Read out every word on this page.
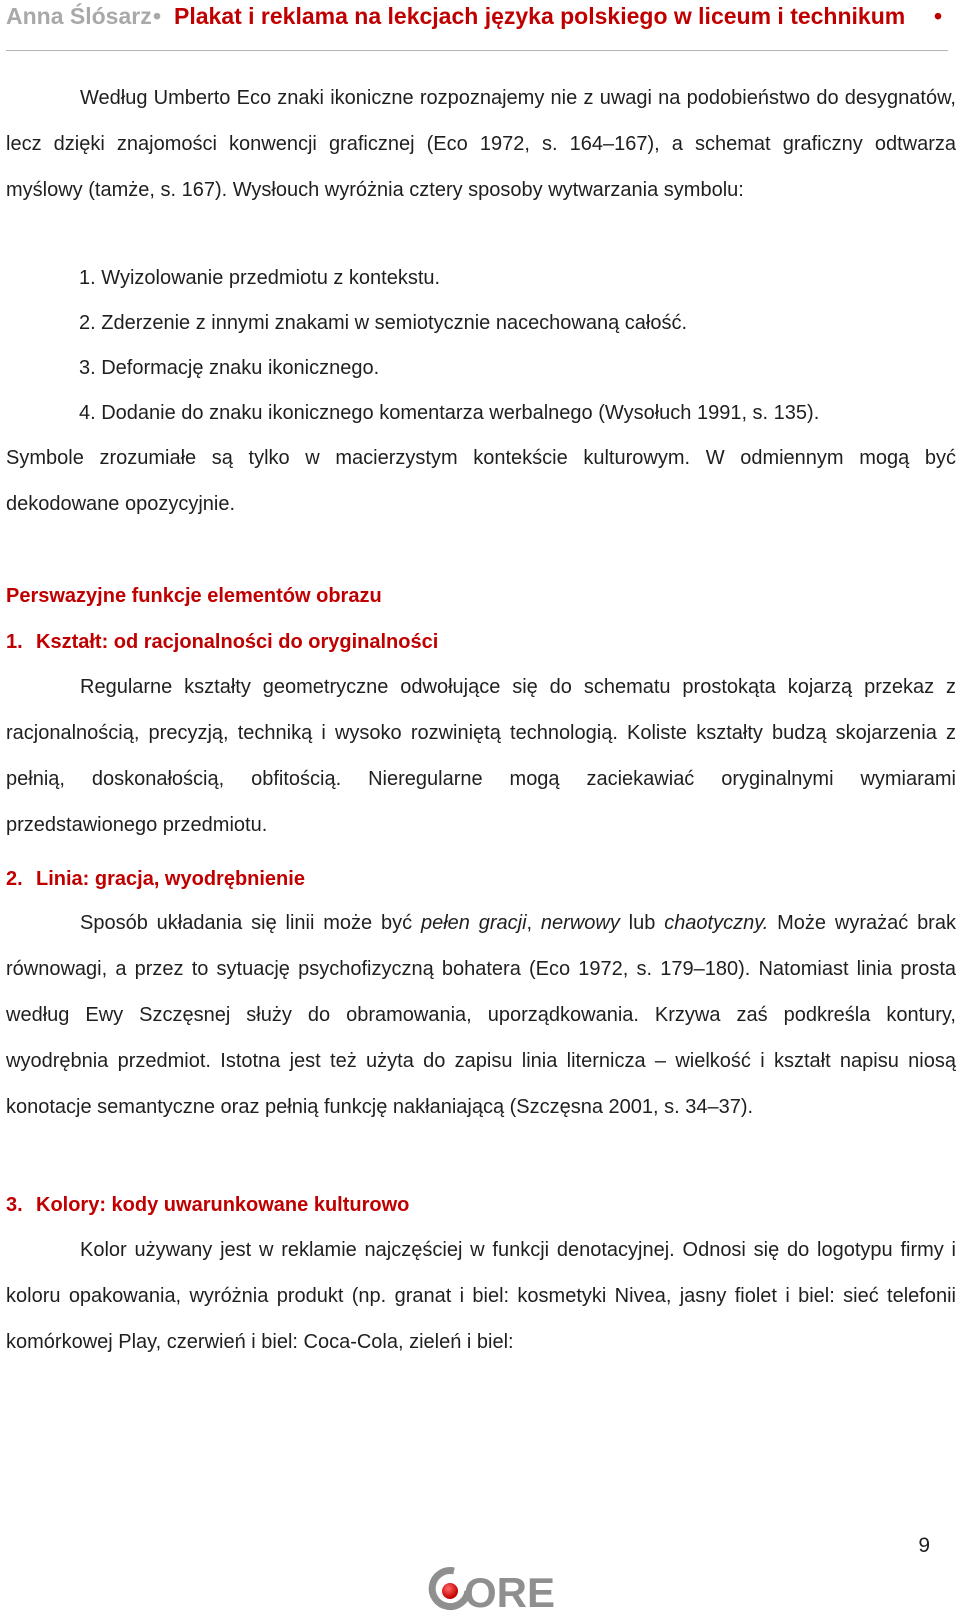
Anna Ślósarz • Plakat i reklama na lekcjach języka polskiego w liceum i technikum •

Według Umberto Eco znaki ikoniczne rozpoznajemy nie z uwagi na podobieństwo do desygnatów, lecz dzięki znajomości konwencji graficznej (Eco 1972, s. 164–167), a schemat graficzny odtwarza myślowy (tamże, s. 167). Wysłouch wyróżnia cztery sposoby wytwarzania symbolu:

1. Wyizolowanie przedmiotu z kontekstu.

2. Zderzenie z innymi znakami w semiotycznie nacechowaną całość.

3. Deformację znaku ikonicznego.

4. Dodanie do znaku ikonicznego komentarza werbalnego (Wysołuch 1991, s. 135).

Symbole zrozumiałe są tylko w macierzystym kontekście kulturowym. W odmiennym mogą być dekodowane opozycyjnie.

Perswazyjne funkcje elementów obrazu
1. Kształt: od racjonalności do oryginalności

Regularne kształty geometryczne odwołujące się do schematu prostokąta kojarzą przekaz z racjonalnością, precyzją, techniką i wysoko rozwiniętą technologią. Koliste kształty budzą skojarzenia z pełnią, doskonałością, obfitością. Nieregularne mogą zaciekawiać oryginalnymi wymiarami przedstawionego przedmiotu.

2. Linia: gracja, wyodrębnienie

Sposób układania się linii może być pełen gracji, nerwowy lub chaotyczny. Może wyrażać brak równowagi, a przez to sytuację psychofizyczną bohatera (Eco 1972, s. 179–180). Natomiast linia prosta według Ewy Szczęsnej służy do obramowania, uporządkowania. Krzywa zaś podkreśla kontury, wyodrębnia przedmiot. Istotna jest też użyta do zapisu linia liternicza – wielkość i kształt napisu niosą konotacje semantyczne oraz pełnią funkcję nakłaniającą (Szczęsna 2001, s. 34–37).

3. Kolory: kody uwarunkowane kulturowo

Kolor używany jest w reklamie najczęściej w funkcji denotacyjnej. Odnosi się do logotypu firmy i koloru opakowania, wyróżnia produkt (np. granat i biel: kosmetyki Nivea, jasny fiolet i biel: sieć telefonii komórkowej Play, czerwień i biel: Coca-Cola, zieleń i biel:

9
ORE
